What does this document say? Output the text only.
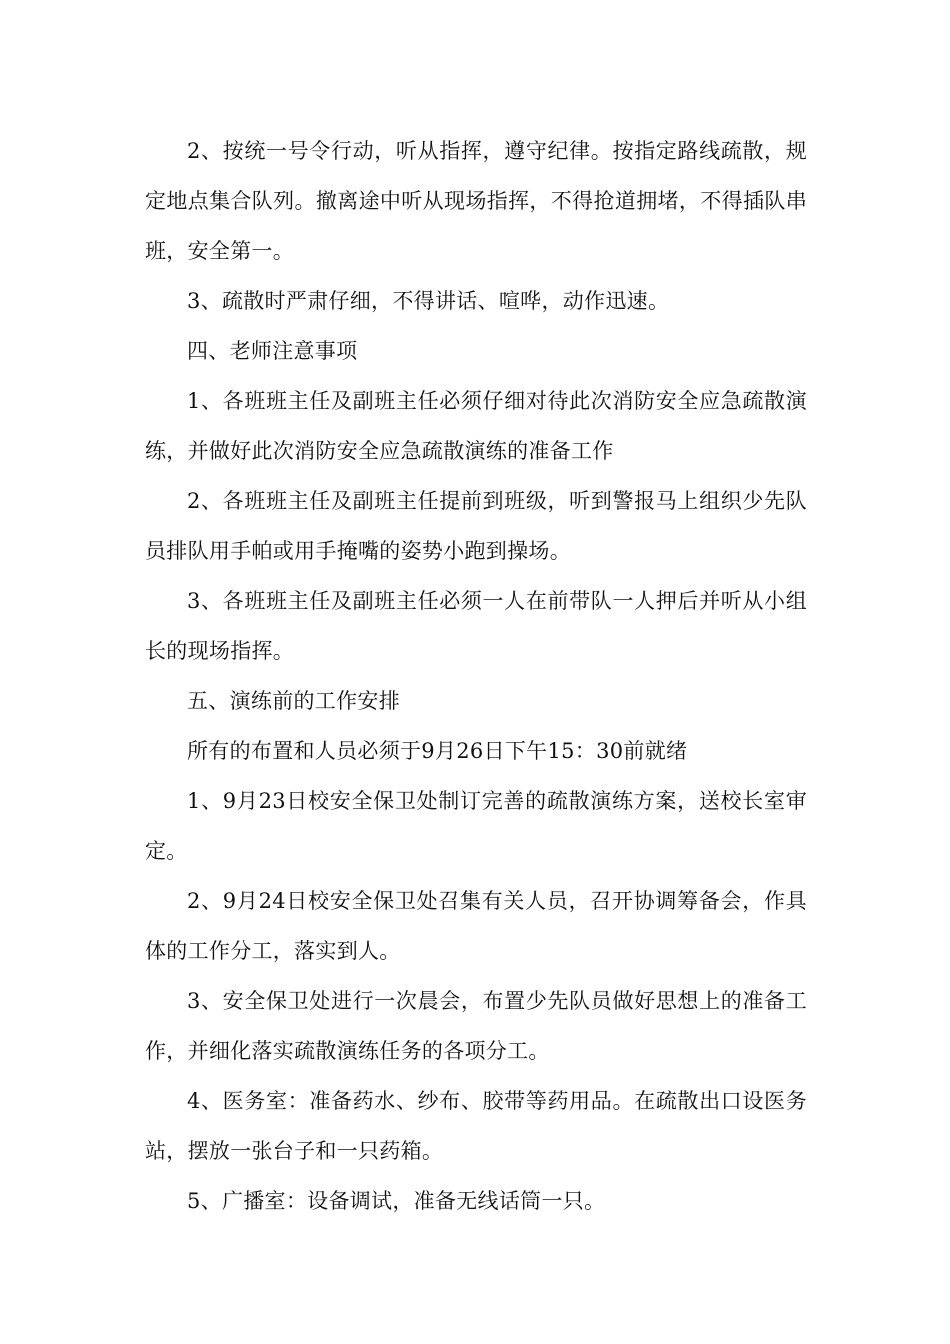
2、按统一号令行动，听从指挥，遵守纪律。按指定路线疏散，规定地点集合队列。撤离途中听从现场指挥，不得抢道拥堵，不得插队串班，安全第一。

3、疏散时严肃仔细，不得讲话、喧哗，动作迅速。

四、老师注意事项

1、各班班主任及副班主任必须仔细对待此次消防安全应急疏散演练，并做好此次消防安全应急疏散演练的准备工作

2、各班班主任及副班主任提前到班级，听到警报马上组织少先队员排队用手帕或用手掩嘴的姿势小跑到操场。

3、各班班主任及副班主任必须一人在前带队一人押后并听从小组长的现场指挥。

五、演练前的工作安排

所有的布置和人员必须于9月26日下午15：30前就绪

1、9月23日校安全保卫处制订完善的疏散演练方案，送校长室审定。

2、9月24日校安全保卫处召集有关人员，召开协调筹备会，作具体的工作分工，落实到人。

3、安全保卫处进行一次晨会，布置少先队员做好思想上的准备工作，并细化落实疏散演练任务的各项分工。

4、医务室：准备药水、纱布、胶带等药用品。在疏散出口设医务站，摆放一张台子和一只药箱。

5、广播室：设备调试，准备无线话筒一只。
